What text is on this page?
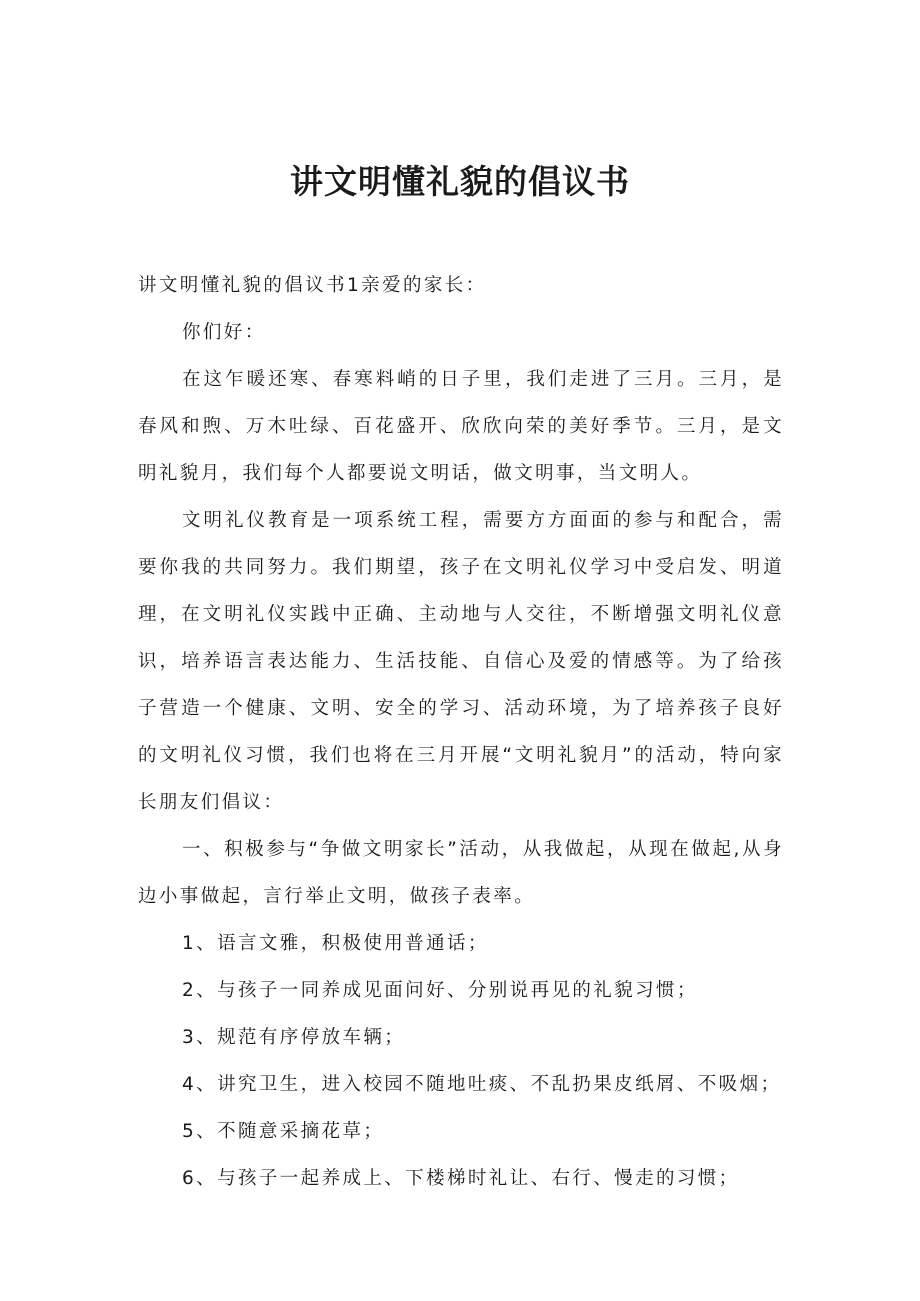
讲文明懂礼貌的倡议书

讲文明懂礼貌的倡议书1亲爱的家长：

你们好：

在这乍暖还寒、春寒料峭的日子里，我们走进了三月。三月，是春风和煦、万木吐绿、百花盛开、欣欣向荣的美好季节。三月，是文明礼貌月，我们每个人都要说文明话，做文明事，当文明人。

文明礼仪教育是一项系统工程，需要方方面面的参与和配合，需要你我的共同努力。我们期望，孩子在文明礼仪学习中受启发、明道理，在文明礼仪实践中正确、主动地与人交往，不断增强文明礼仪意识，培养语言表达能力、生活技能、自信心及爱的情感等。为了给孩子营造一个健康、文明、安全的学习、活动环境，为了培养孩子良好的文明礼仪习惯，我们也将在三月开展“文明礼貌月”的活动，特向家长朋友们倡议：

一、积极参与“争做文明家长”活动，从我做起，从现在做起,从身边小事做起，言行举止文明，做孩子表率。

1、语言文雅，积极使用普通话；

2、与孩子一同养成见面问好、分别说再见的礼貌习惯；

3、规范有序停放车辆；

4、讲究卫生，进入校园不随地吐痰、不乱扔果皮纸屑、不吸烟；

5、不随意采摘花草；

6、与孩子一起养成上、下楼梯时礼让、右行、慢走的习惯；
